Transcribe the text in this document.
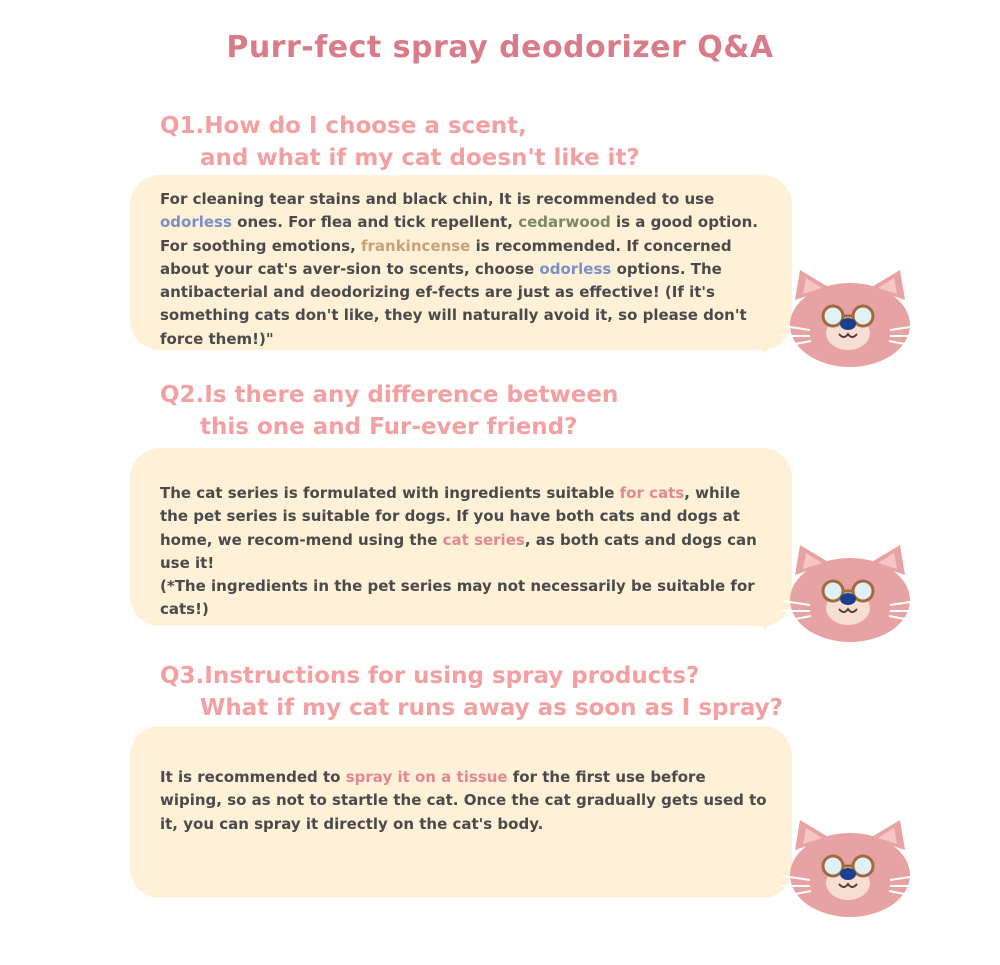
Purr-fect spray deodorizer Q&A
Q1.How do I choose a scent,
and what if my cat doesn't like it?
For cleaning tear stains and black chin, It is recommended to use odorless ones. For flea and tick repellent, cedarwood is a good option. For soothing emotions, frankincense is recommended. If concerned about your cat's aver-sion to scents, choose odorless options. The antibacterial and deodorizing ef-fects are just as effective! (If it's something cats don't like, they will naturally avoid it, so please don't force them!)"
Q2.Is there any difference between
this one and Fur-ever friend?
The cat series is formulated with ingredients suitable for cats, while the pet series is suitable for dogs. If you have both cats and dogs at home, we recom-mend using the cat series, as both cats and dogs can use it!
(*The ingredients in the pet series may not necessarily be suitable for cats!)
Q3.Instructions for using spray products?
What if my cat runs away as soon as I spray?
It is recommended to spray it on a tissue for the first use before wiping, so as not to startle the cat. Once the cat gradually gets used to it, you can spray it directly on the cat's body.
